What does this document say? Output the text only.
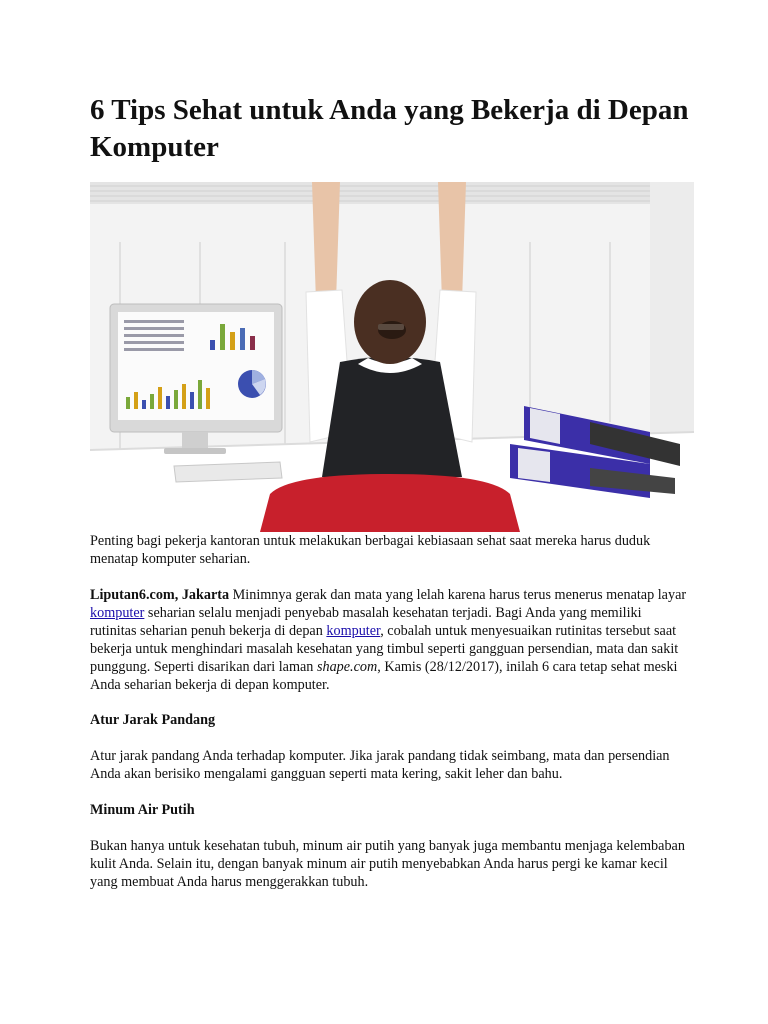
6 Tips Sehat untuk Anda yang Bekerja di Depan Komputer

Penting bagi pekerja kantoran untuk melakukan berbagai kebiasaan sehat saat mereka harus duduk menatap komputer seharian.

Liputan6.com, Jakarta Minimnya gerak dan mata yang lelah karena harus terus menerus menatap layar komputer seharian selalu menjadi penyebab masalah kesehatan terjadi. Bagi Anda yang memiliki rutinitas seharian penuh bekerja di depan komputer, cobalah untuk menyesuaikan rutinitas tersebut saat bekerja untuk menghindari masalah kesehatan yang timbul seperti gangguan persendian, mata dan sakit punggung. Seperti disarikan dari laman shape.com, Kamis (28/12/2017), inilah 6 cara tetap sehat meski Anda seharian bekerja di depan komputer.

Atur Jarak Pandang

Atur jarak pandang Anda terhadap komputer. Jika jarak pandang tidak seimbang, mata dan persendian Anda akan berisiko mengalami gangguan seperti mata kering, sakit leher dan bahu.

Minum Air Putih

Bukan hanya untuk kesehatan tubuh, minum air putih yang banyak juga membantu menjaga kelembaban kulit Anda. Selain itu, dengan banyak minum air putih menyebabkan Anda harus pergi ke kamar kecil yang membuat Anda harus menggerakkan tubuh.
